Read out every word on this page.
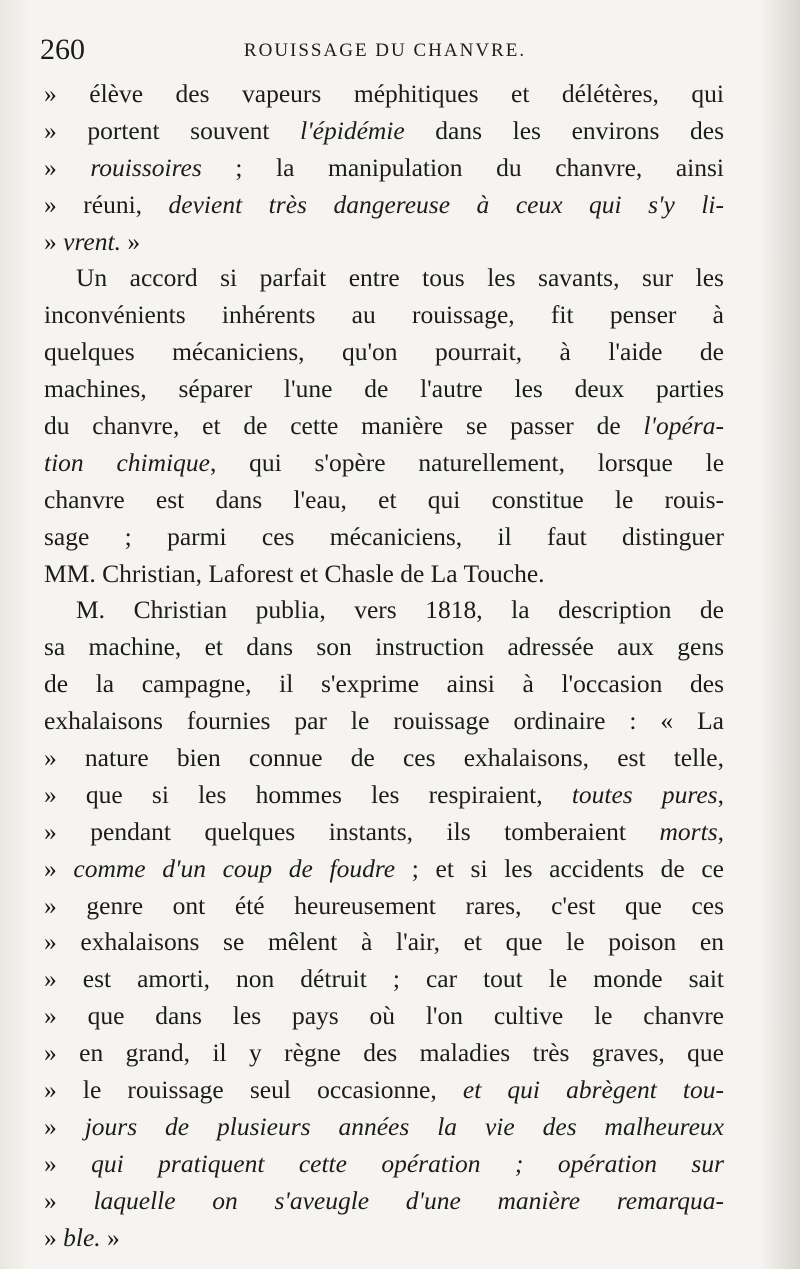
260	ROUISSAGE DU CHANVRE.
» élève des vapeurs méphitiques et délétères, qui
» portent souvent l'épidémie dans les environs des
» rouissoires ; la manipulation du chanvre, ainsi
» réuni, devient très dangereuse à ceux qui s'y li-
» vrent. »
Un accord si parfait entre tous les savants, sur les
inconvénients inhérents au rouissage, fit penser à
quelques mécaniciens, qu'on pourrait, à l'aide de
machines, séparer l'une de l'autre les deux parties
du chanvre, et de cette manière se passer de l'opéra-
tion chimique, qui s'opère naturellement, lorsque le
chanvre est dans l'eau, et qui constitue le rouis-
sage ; parmi ces mécaniciens, il faut distinguer
MM. Christian, Laforest et Chasle de La Touche.
M. Christian publia, vers 1818, la description de
sa machine, et dans son instruction adressée aux gens
de la campagne, il s'exprime ainsi à l'occasion des
exhalaisons fournies par le rouissage ordinaire : « La
» nature bien connue de ces exhalaisons, est telle,
» que si les hommes les respiraient, toutes pures,
» pendant quelques instants, ils tomberaient morts,
» comme d'un coup de foudre ; et si les accidents de ce
» genre ont été heureusement rares, c'est que ces
» exhalaisons se mêlent à l'air, et que le poison en
» est amorti, non détruit ; car tout le monde sait
» que dans les pays où l'on cultive le chanvre
» en grand, il y règne des maladies très graves, que
» le rouissage seul occasionne, et qui abrègent tou-
» jours de plusieurs années la vie des malheureux
» qui pratiquent cette opération ; opération sur
» laquelle on s'aveugle d'une manière remarqua-
» ble. »
